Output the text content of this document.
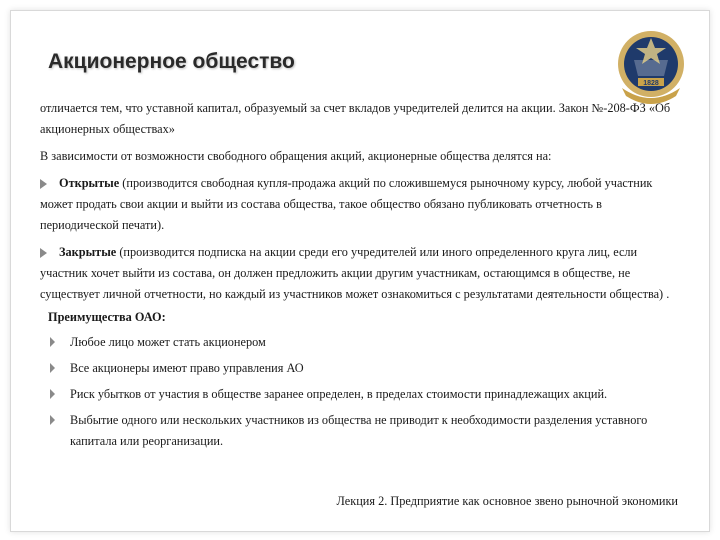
Акционерное общество
1828

отличается тем, что уставной капитал, образуемый за счет вкладов учредителей делится на акции. Закон №-208-ФЗ «Об акционерных обществах»

В зависимости от возможности свободного обращения акций, акционерные общества делятся на:

Открытые (производится свободная купля-продажа акций по сложившемуся рыночному курсу, любой участник может продать свои акции и выйти из состава общества, такое общество обязано публиковать отчетность в периодической печати).

Закрытые (производится подписка на акции среди его учредителей или иного определенного круга лиц, если участник хочет выйти из состава, он должен предложить акции другим участникам, остающимся в обществе, не существует личной отчетности, но каждый из участников может ознакомиться с результатами деятельности общества) .

Преимущества ОАО:

Любое лицо может стать акционером
Все акционеры имеют право управления АО
Риск убытков от участия в обществе заранее определен, в пределах стоимости принадлежащих акций.
Выбытие одного или нескольких участников из общества не приводит к необходимости разделения уставного капитала или реорганизации.
Лекция 2. Предприятие как основное звено рыночной экономики
